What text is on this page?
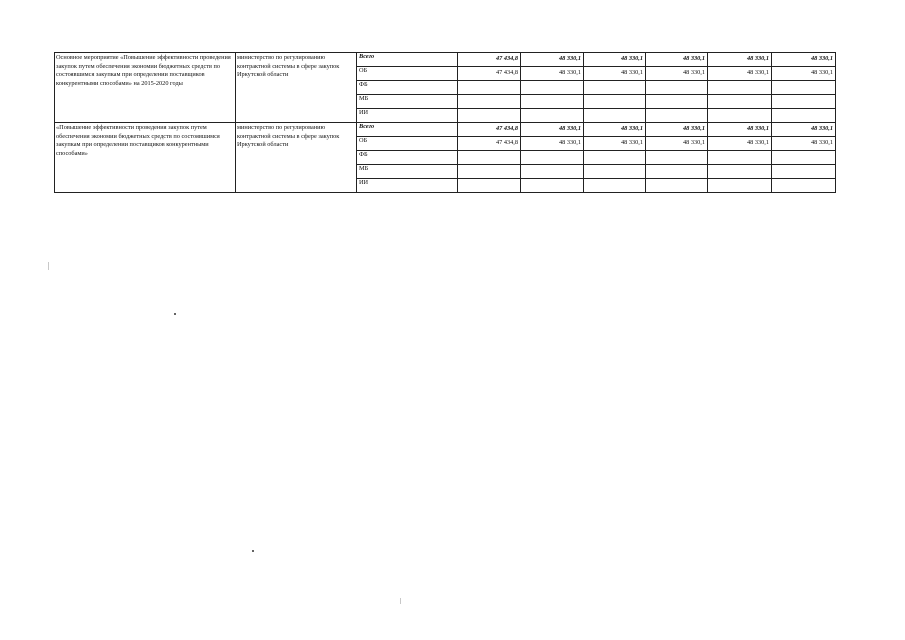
Основное мероприятие «Повышение эффективности проведения закупок путем обеспечения экономии бюджетных средств по состоявшимся закупкам при определении поставщиков конкурентными способами» на 2015-2020 годы	министерство по регулированию контрактной системы в сфере закупок Иркутской области	Всего	47 434,8	48 330,1	48 330,1	48 330,1	48 330,1	48 330,1
		ОБ	47 434,8	48 330,1	48 330,1	48 330,1	48 330,1	48 330,1
		ФБ						
		МБ						
		ИИ						
«Повышение эффективности проведения закупок путем обеспечения экономии бюджетных средств по состоявшимся закупкам при определении поставщиков конкурентными способами»	министерство по регулированию контрактной системы в сфере закупок Иркутской области	Всего	47 434,8	48 330,1	48 330,1	48 330,1	48 330,1	48 330,1
		ОБ	47 434,8	48 330,1	48 330,1	48 330,1	48 330,1	48 330,1
		ФБ						
		МБ						
		ИИ						
